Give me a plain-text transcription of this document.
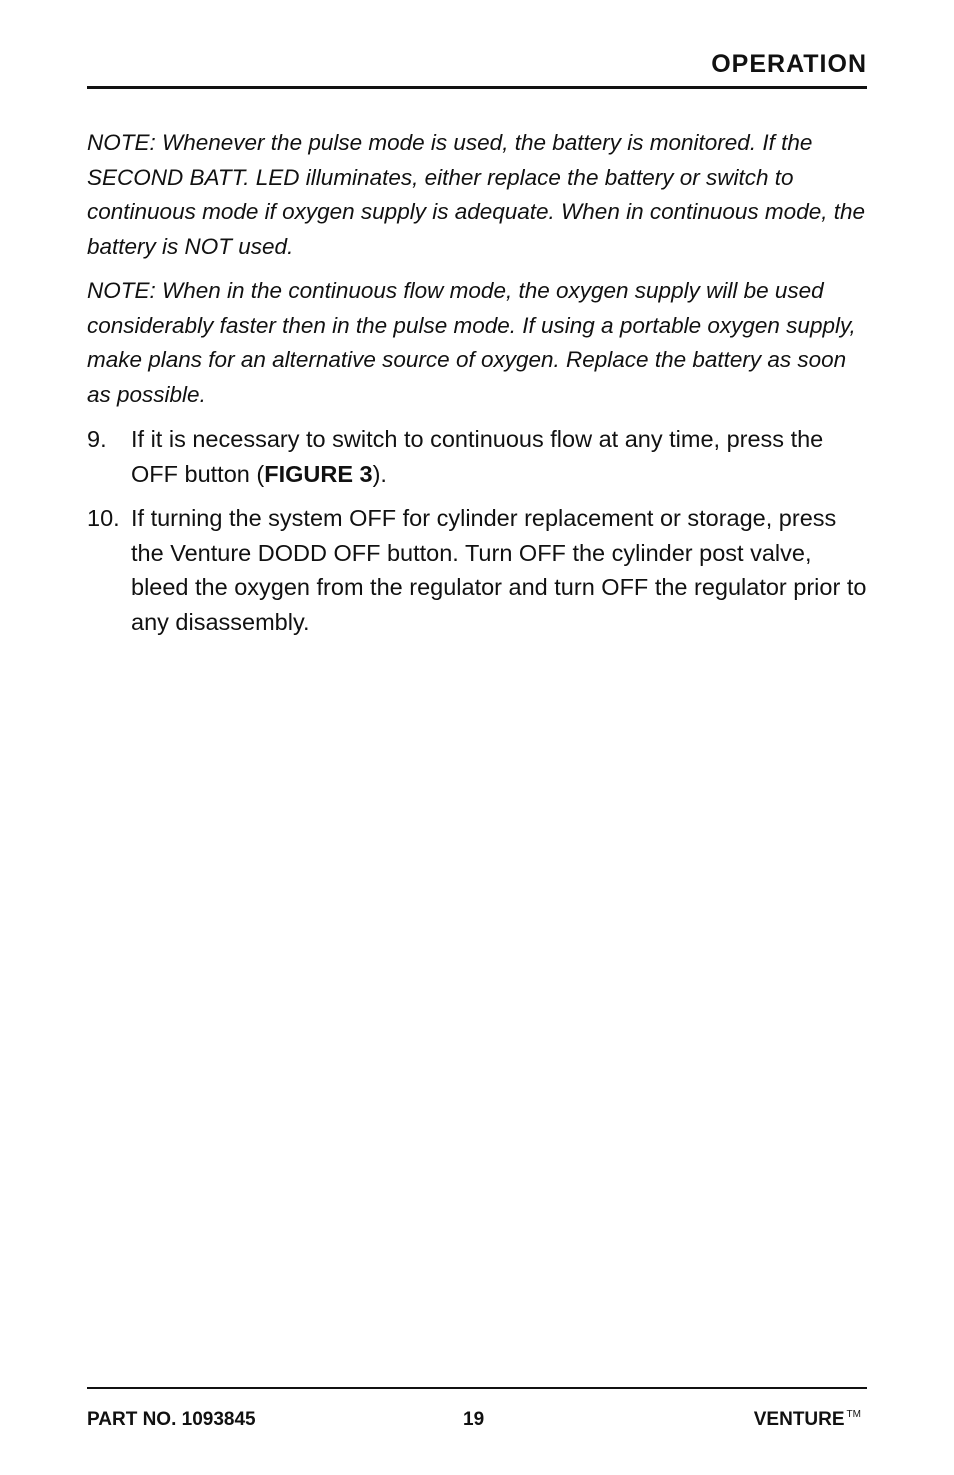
OPERATION

NOTE: Whenever the pulse mode is used, the battery is monitored. If the SECOND BATT. LED illuminates, either replace the battery or switch to continuous mode if oxygen supply is adequate. When in continuous mode, the battery is NOT used.

NOTE: When in the continuous flow mode, the oxygen supply will be used considerably faster then in the pulse mode. If using a portable oxygen supply, make plans for an alternative source of oxygen. Replace the battery as soon as possible.

9. If it is necessary to switch to continuous flow at any time, press the OFF button (FIGURE 3).
10. If turning the system OFF for cylinder replacement or storage, press the Venture DODD OFF button. Turn OFF the cylinder post valve, bleed the oxygen from the regulator and turn OFF the regulator prior to any disassembly.
PART NO. 1093845	19	VENTURE ™
